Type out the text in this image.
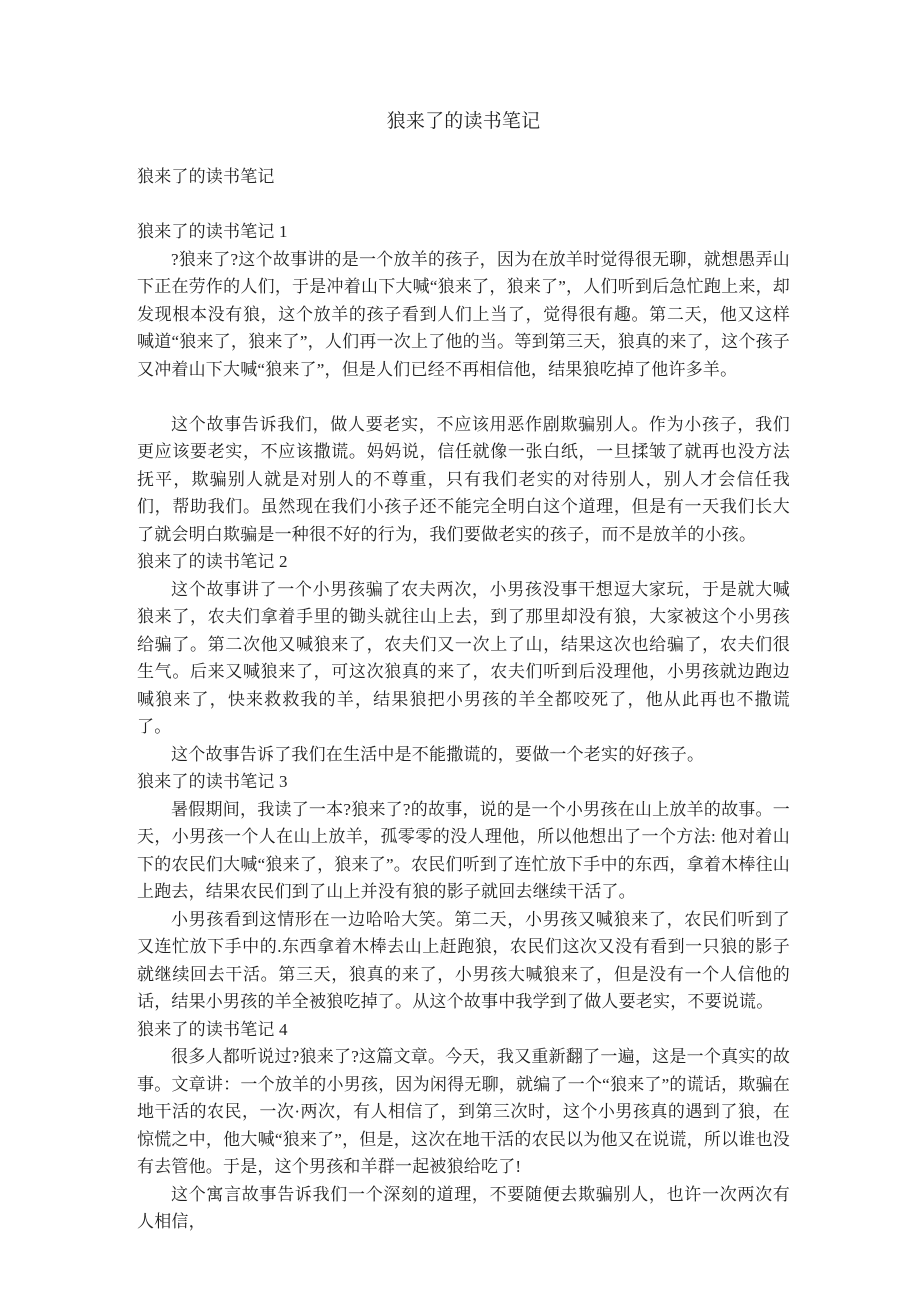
狼来了的读书笔记
狼来了的读书笔记
狼来了的读书笔记 1

?狼来了?这个故事讲的是一个放羊的孩子，因为在放羊时觉得很无聊，就想愚弄山下正在劳作的人们，于是冲着山下大喊“狼来了，狼来了”，人们听到后急忙跑上来，却发现根本没有狼，这个放羊的孩子看到人们上当了，觉得很有趣。第二天，他又这样喊道“狼来了，狼来了”，人们再一次上了他的当。等到第三天，狼真的来了，这个孩子又冲着山下大喊“狼来了”，但是人们已经不再相信他，结果狼吃掉了他许多羊。

这个故事告诉我们，做人要老实，不应该用恶作剧欺骗别人。作为小孩子，我们更应该要老实，不应该撒谎。妈妈说，信任就像一张白纸，一旦揉皱了就再也没方法抚平，欺骗别人就是对别人的不尊重，只有我们老实的对待别人，别人才会信任我们，帮助我们。虽然现在我们小孩子还不能完全明白这个道理，但是有一天我们长大了就会明白欺骗是一种很不好的行为，我们要做老实的孩子，而不是放羊的小孩。

狼来了的读书笔记 2

这个故事讲了一个小男孩骗了农夫两次，小男孩没事干想逗大家玩，于是就大喊狼来了，农夫们拿着手里的锄头就往山上去，到了那里却没有狼，大家被这个小男孩给骗了。第二次他又喊狼来了，农夫们又一次上了山，结果这次也给骗了，农夫们很生气。后来又喊狼来了，可这次狼真的来了，农夫们听到后没理他，小男孩就边跑边喊狼来了，快来救救我的羊，结果狼把小男孩的羊全都咬死了，他从此再也不撒谎了。

这个故事告诉了我们在生活中是不能撒谎的，要做一个老实的好孩子。

狼来了的读书笔记 3

暑假期间，我读了一本?狼来了?的故事，说的是一个小男孩在山上放羊的故事。一天，小男孩一个人在山上放羊，孤零零的没人理他，所以他想出了一个方法: 他对着山下的农民们大喊“狼来了，狼来了”。农民们听到了连忙放下手中的东西，拿着木棒往山上跑去，结果农民们到了山上并没有狼的影子就回去继续干活了。

小男孩看到这情形在一边哈哈大笑。第二天，小男孩又喊狼来了，农民们听到了又连忙放下手中的.东西拿着木棒去山上赶跑狼，农民们这次又没有看到一只狼的影子就继续回去干活。第三天，狼真的来了，小男孩大喊狼来了，但是没有一个人信他的话，结果小男孩的羊全被狼吃掉了。从这个故事中我学到了做人要老实，不要说谎。

狼来了的读书笔记 4

很多人都听说过?狼来了?这篇文章。今天，我又重新翻了一遍，这是一个真实的故事。文章讲：一个放羊的小男孩，因为闲得无聊，就编了一个“狼来了”的谎话，欺骗在地干活的农民，一次·两次，有人相信了，到第三次时，这个小男孩真的遇到了狼，在惊慌之中，他大喊“狼来了”，但是，这次在地干活的农民以为他又在说谎，所以谁也没有去管他。于是，这个男孩和羊群一起被狼给吃了!

这个寓言故事告诉我们一个深刻的道理，不要随便去欺骗别人，也许一次两次有人相信，
